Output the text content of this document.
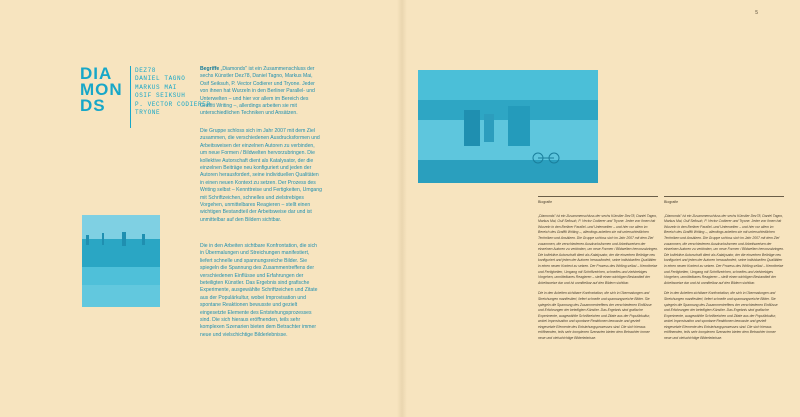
5
DIA
MON
DS
DEZ78
DANIEL TAGNO
MARKUS MAI
OSIF SEIKSUH
P. VECTOR CODIERER
TRYONE

Begriffe „Diamonds" ist ein Zusammenschluss der sechs Künstler Dez78, Daniel Tagno, Markus Mai, Osif Seiksuh, P. Vector Codierer und Tryone. Jeder von ihnen hat Wurzeln in den Berliner Parallel- und Unterwelten – und hier vor allem im Bereich des Graffiti Writing –, allerdings arbeiten sie mit unterschiedlichen Techniken und Ansätzen.

Die Gruppe schloss sich im Jahr 2007 mit dem Ziel zusammen, die verschiedenen Ausdrucksformen und Arbeitsweisen der einzelnen Autoren zu verbinden, um neue Formen / Bildwelten hervorzubringen. Die kollektive Autorschaft dient als Katalysator, der die einzelnen Beiträge neu konfiguriert und jeden der Autoren herausfordert, seine individuellen Qualitäten in einen neuen Kontext zu setzen. Der Prozess des Writing selbst – Kennttreise und Fertigkeiten, Umgang mit Schriftzeichen, schnelles und zielstrebiges Vorgehen, unmittelbares Reagieren – stellt einen wichtigen Bestandteil der Arbeitsweise dar und ist unmittelbar auf den Bildern sichtbar.

Die in den Arbeiten sichtbare Konfrontation, die sich in Übermalungen und Streichungen manifestiert, liefert schnelle und spannungsreiche Bilder. Sie spiegeln die Spannung des Zusammentreffens der verschiedenen Einflüsse und Erfahrungen der beteiligten Künstler. Das Ergebnis sind grafische Experimente, ausgewählte Schriftzeichen und Zitate aus der Populärkultur, wobei Improvisation und spontane Reaktionen bewusste und gezielt eingesetzte Elemente des Entstehungsprozesses sind. Die sich hieraus eröffnenden, teils sehr komplexen Szenarien bieten dem Betrachter immer neue und vielschichtige Bilderlebnisse.

Biografie

„Diamonds" ist ein Zusammenschluss der sechs Künstler Dez78, Daniel Tagno, Markus Mai, Osif Seiksuh, P. Vector Codierer und Tryone. Jeder von ihnen hat Wurzeln in den Berliner Parallel- und Unterwelten – und hier vor allem im Bereich des Graffiti Writing –, allerdings arbeiten sie mit unterschiedlichen Techniken und Ansätzen. Die Gruppe schloss sich im Jahr 2007 mit dem Ziel zusammen, die verschiedenen Ausdrucksformen und Arbeitsweisen der einzelnen Autoren zu verbinden, um neue Formen / Bildwelten hervorzubringen. Die kollektive Autorschaft dient als Katalysator, der die einzelnen Beiträge neu konfiguriert und jeden der Autoren herausfordert, seine individuellen Qualitäten in einen neuen Kontext zu setzen. Der Prozess des Writing selbst – Kennttreise und Fertigkeiten, Umgang mit Schriftzeichen, schnelles und zielstrebiges Vorgehen, unmittelbares Reagieren – stellt einen wichtigen Bestandteil der Arbeitsweise dar und ist unmittelbar auf den Bildern sichtbar.

Die in den Arbeiten sichtbare Konfrontation, die sich in Übermalungen und Streichungen manifestiert, liefert schnelle und spannungsreiche Bilder. Sie spiegeln die Spannung des Zusammentreffens der verschiedenen Einflüsse und Erfahrungen der beteiligten Künstler. Das Ergebnis sind grafische Experimente, ausgewählte Schriftzeichen und Zitate aus der Populärkultur, wobei Improvisation und spontane Reaktionen bewusste und gezielt eingesetzte Elemente des Entstehungsprozesses sind. Die sich hieraus eröffnenden, teils sehr komplexen Szenarien bieten dem Betrachter immer neue und vielschichtige Bilderlebnisse.

Biografie

„Diamonds" ist ein Zusammenschluss der sechs Künstler Dez78, Daniel Tagno, Markus Mai, Osif Seiksuh, P. Vector Codierer und Tryone. Jeder von ihnen hat Wurzeln in den Berliner Parallel- und Unterwelten – und hier vor allem im Bereich des Graffiti Writing –, allerdings arbeiten sie mit unterschiedlichen Techniken und Ansätzen. Die Gruppe schloss sich im Jahr 2007 mit dem Ziel zusammen, die verschiedenen Ausdrucksformen und Arbeitsweisen der einzelnen Autoren zu verbinden, um neue Formen / Bildwelten hervorzubringen. Die kollektive Autorschaft dient als Katalysator, der die einzelnen Beiträge neu konfiguriert und jeden der Autoren herausfordert, seine individuellen Qualitäten in einen neuen Kontext zu setzen. Der Prozess des Writing selbst – Kennttreise und Fertigkeiten, Umgang mit Schriftzeichen, schnelles und zielstrebiges Vorgehen, unmittelbares Reagieren – stellt einen wichtigen Bestandteil der Arbeitsweise dar und ist unmittelbar auf den Bildern sichtbar.

Die in den Arbeiten sichtbare Konfrontation, die sich in Übermalungen und Streichungen manifestiert, liefert schnelle und spannungsreiche Bilder. Sie spiegeln die Spannung des Zusammentreffens der verschiedenen Einflüsse und Erfahrungen der beteiligten Künstler. Das Ergebnis sind grafische Experimente, ausgewählte Schriftzeichen und Zitate aus der Populärkultur, wobei Improvisation und spontane Reaktionen bewusste und gezielt eingesetzte Elemente des Entstehungsprozesses sind. Die sich hieraus eröffnenden, teils sehr komplexen Szenarien bieten dem Betrachter immer neue und vielschichtige Bilderlebnisse.
